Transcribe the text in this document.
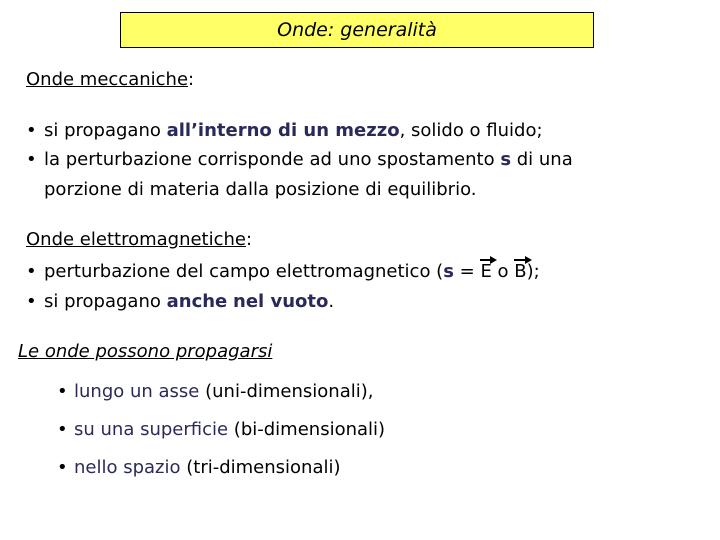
Onde: generalità
Onde meccaniche:
• si propagano all’interno di un mezzo, solido o fluido;
• la perturbazione corrisponde ad uno spostamento s di una
porzione di materia dalla posizione di equilibrio.
Onde elettromagnetiche:
• perturbazione del campo elettromagnetico (s = E o B);
• si propagano anche nel vuoto.
Le onde possono propagarsi
• lungo un asse (uni-dimensionali),
• su una superficie (bi-dimensionali)
• nello spazio (tri-dimensionali)
